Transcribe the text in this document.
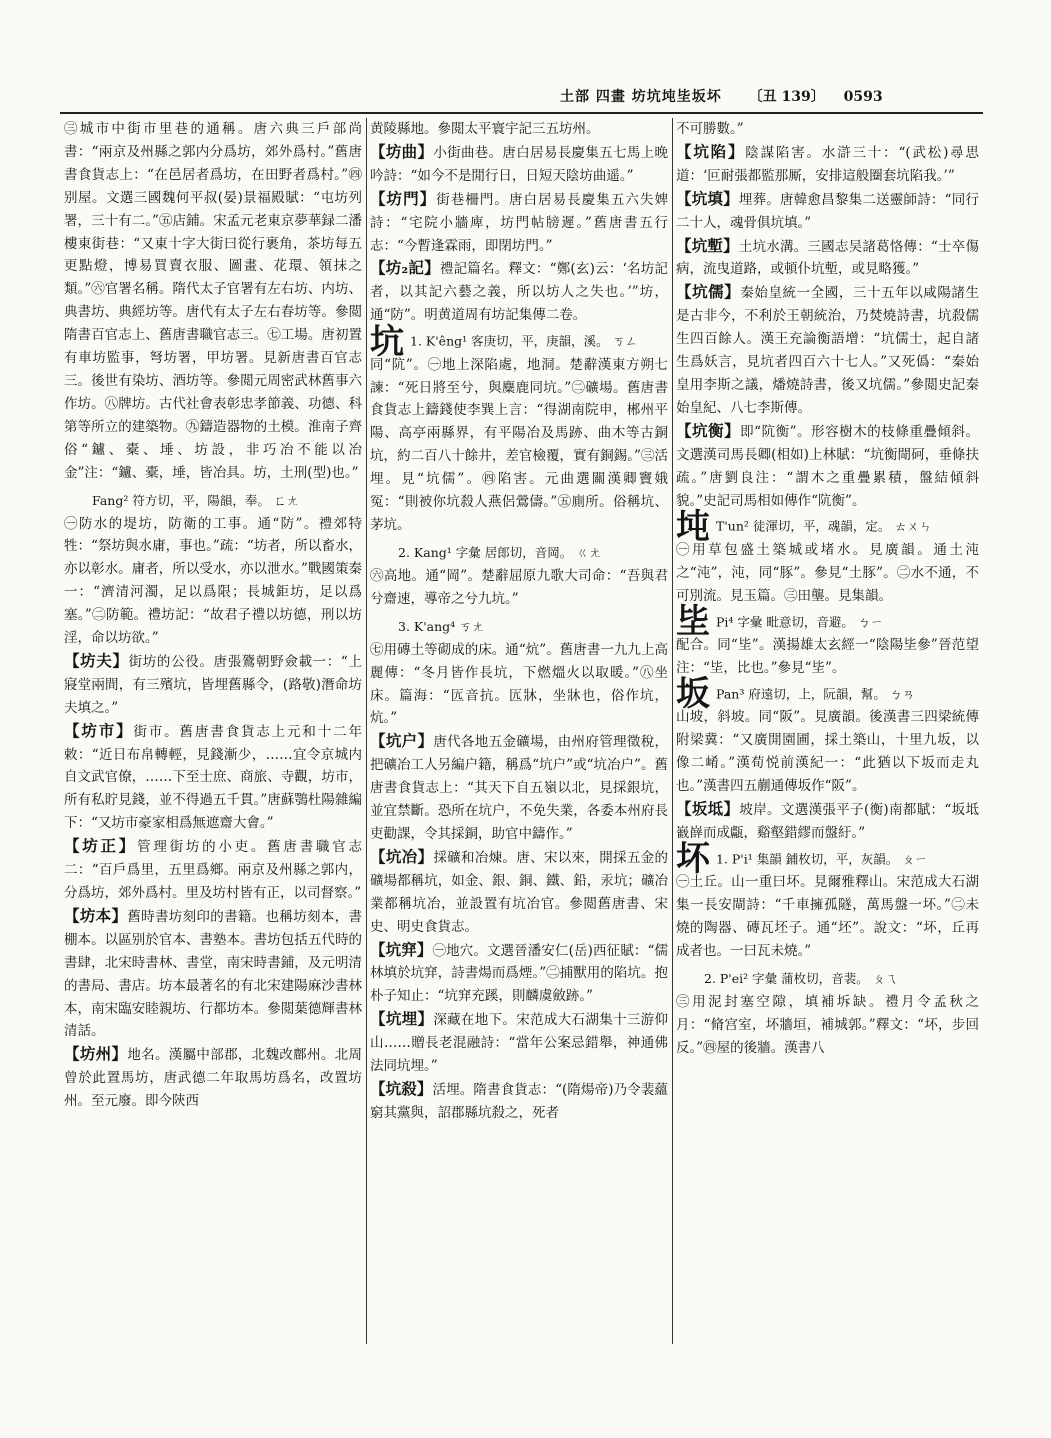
土部 四畫 坊坑坉坒坂坏 〔丑 139〕 0593

㊂城市中街市里巷的通稱。唐六典三戶部尚書：“兩京及州縣之郭内分爲坊，郊外爲村。”舊唐書食貨志上：“在邑居者爲坊，在田野者爲村。”㊃别屋。文選三國魏何平叔(晏)景福殿賦：“屯坊列署，三十有二。”㊄店鋪。宋孟元老東京夢華録二潘樓東街巷：“又東十字大街曰從行裹角，茶坊每五更點燈，博易買賣衣服、圖畫、花環、領抹之類。”㊅官署名稱。隋代太子官署有左右坊、内坊、典書坊、典經坊等。唐代有太子左右春坊等。參閲隋書百官志上、舊唐書職官志三。㊆工場。唐初置有車坊監事，弩坊署，甲坊署。見新唐書百官志三。後世有染坊、酒坊等。參閲元周密武林舊事六作坊。㊇牌坊。古代社會表彰忠孝節義、功德、科第等所立的建築物。㊈鑄造器物的土模。淮南子齊俗“鑪、橐、埵、坊設，非巧冶不能以冶金”注：“鑪、橐，埵，皆冶具。坊，土刑(型)也。”

Fang² 符方切，平，陽韻，奉。 ㄈㄤ

㊀防水的堤坊，防衛的工事。通“防”。禮郊特牲：“祭坊與水庸，事也。”疏：“坊者，所以畜水，亦以彰水。庸者，所以受水，亦以泄水。”戰國策秦一：“濟清河濁，足以爲限；長城鉅坊，足以爲塞。”㊁防範。禮坊記：“故君子禮以坊德，刑以坊淫，命以坊欲。”

【坊夫】街坊的公役。唐張鷟朝野僉載一：“上寢堂兩間，有三殯坑，皆埋舊縣令，(路敬)潛命坊夫填之。”

【坊市】街市。舊唐書食貨志上元和十二年敕：“近日布帛轉輕，見錢漸少，……宜令京城内自文武官僚，……下至士庶、商旅、寺觀，坊市，所有私貯見錢，並不得過五千貫。”唐蘇鶚杜陽雜編下：“又坊市豪家相爲無遮齋大會。”

【坊正】管理街坊的小吏。舊唐書職官志二：“百戶爲里，五里爲鄉。兩京及州縣之郭内，分爲坊，郊外爲村。里及坊村皆有正，以司督察。”

【坊本】舊時書坊刻印的書籍。也稱坊刻本，書棚本。以區别於官本、書塾本。書坊包括五代時的書肆，北宋時書林、書堂，南宋時書鋪，及元明清的書局、書店。坊本最著名的有北宋建陽麻沙書林本，南宋臨安睦親坊、行都坊本。參閲葉德輝書林清話。

【坊州】地名。漢屬中部郡，北魏改鄜州。北周曾於此置馬坊，唐武德二年取馬坊爲名，改置坊州。至元廢。即今陝西

黄陵縣地。參閲太平寰宇記三五坊州。

【坊曲】小街曲巷。唐白居易長慶集五七馬上晚吟詩：“如今不是閒行日，日短天陰坊曲遥。”

【坊門】街巷柵門。唐白居易長慶集五六失婢詩：“宅院小牆庳，坊門帖牓遲。”舊唐書五行志：“今暫逢霖雨，即閉坊門。”

【坊₂記】禮記篇名。釋文：“鄭(玄)云：‘名坊記者，以其記六藝之義，所以坊人之失也。’”坊，通“防”。明黄道周有坊記集傳二卷。

坑 1. K'êng¹ 客庚切，平，庚韻，溪。 ㄎㄥ

同“阬”。㊀地上深陷處，地洞。楚辭漢東方朔七諫：“死日將至兮，與麋鹿同坑。”㊁礦場。舊唐書食貨志上鑄錢使李巽上言：“得湖南院申，郴州平陽、高亭兩縣界，有平陽冶及馬跡、曲木等古銅坑，約二百八十餘井，差官檢覆，實有銅錫。”㊂活埋。見“坑儒”。㊃陷害。元曲選關漢卿竇娥冤：“則被你坑殺人燕侶鶯儔。”㊄廁所。俗稱坑、茅坑。

2. Kang¹ 字彙 居郎切，音岡。 ㄍㄤ

㊅高地。通“岡”。楚辭屈原九歌大司命：“吾與君兮齋速，導帝之兮九坑。”

3. K'ang⁴ ㄎㄤ

㊆用磚土等砌成的床。通“炕”。舊唐書一九九上高麗傳：“冬月皆作長坑，下燃熅火以取暖。”㊇坐床。篇海：“匟音抗。匟牀，坐牀也，俗作坑，炕。”

【坑户】唐代各地五金礦場，由州府管理徵稅，把礦冶工人另編户籍，稱爲“坑户”或“坑冶户”。舊唐書食貨志上：“其天下自五嶺以北，見採銀坑，並宜禁斷。恐所在坑户，不免失業，各委本州府長吏勸課，令其採銅，助官中鑄作。”

【坑冶】採礦和冶煉。唐、宋以來，開採五金的礦場都稱坑，如金、銀、銅、鐵、鉛，汞坑；礦冶業都稱坑冶，並設置有坑冶官。參閲舊唐書、宋史、明史食貨志。

【坑穽】㊀地穴。文選晉潘安仁(岳)西征賦：“儒林填於坑穽，詩書煬而爲煙。”㊁捕獸用的陷坑。抱朴子知止：“坑穽充蹊，則麟虞斂跡。”

【坑埋】深藏在地下。宋范成大石湖集十三游仰山……贈長老混融詩：“當年公案忌錯舉，神通佛法同坑埋。”

【坑殺】活埋。隋書食貨志：“(隋煬帝)乃令裴蘊窮其黨與，詔郡縣坑殺之，死者

不可勝數。”

【坑陷】陰謀陷害。水滸三十：“(武松)尋思道：‘叵耐張都監那厮，安排這般圈套坑陷我。’”

【坑填】埋葬。唐韓愈昌黎集二送靈師詩：“同行二十人，魂骨俱坑填。”

【坑塹】土坑水溝。三國志吴諸葛恪傳：“士卒傷病，流曳道路，或頓仆坑塹，或見略獲。”

【坑儒】秦始皇統一全國，三十五年以咸陽諸生是古非今，不利於王朝統治，乃焚燒詩書，坑殺儒生四百餘人。漢王充論衡語增：“坑儒士，起自諸生爲妖言，見坑者四百六十七人。”又死僞：“秦始皇用李斯之議，燔燒詩書，後又坑儒。”參閲史記秦始皇紀、八七李斯傳。

【坑衡】即“阬衡”。形容樹木的枝條重疊傾斜。文選漢司馬長卿(相如)上林賦：“坑衡閜砢，垂條扶疏。”唐劉良注：“謂木之重疊累積，盤結傾斜貌。”史記司馬相如傳作“阬衡”。

坉 T'un² 徒渾切，平，魂韻，定。 ㄊㄨㄣ

㊀用草包盛土築城或堵水。見廣韻。通土沌之“沌”，沌，同“豚”。參見“土豚”。㊁水不通，不可別流。見玉篇。㊂田壟。見集韻。

坒 Pi⁴ 字彙 毗意切，音避。 ㄅㄧ

配合。同“坒”。漢揚雄太玄經一“陰陽坒參”晉范望注：“坒，比也。”參見“坒”。

坂 Pan³ 府遠切，上，阮韻，幫。 ㄅㄢ

山坡，斜坡。同“阪”。見廣韻。後漢書三四梁統傳附梁冀：“又廣開園圃，採土築山，十里九坂，以像二崤。”漢荀悦前漢紀一：“此猶以下坂而走丸也。”漢書四五蒯通傳坂作“阪”。

【坂坻】坡岸。文選漢張平子(衡)南都賦：“坂坻巀嶭而成甗，谿壑錯繆而盤紆。”

坏 1. P'i¹ 集韻 鋪枚切，平，灰韻。 ㄆㄧ

㊀土丘。山一重曰坏。見爾雅釋山。宋范成大石湖集一長安閘詩：“千車擁孤隧，萬馬盤一坏。”㊁未燒的陶器、磚瓦坯子。通“坯”。說文：“坏，丘再成者也。一曰瓦未燒。”

2. P'ei² 字彙 蒲枚切，音裴。 ㄆㄟ

㊂用泥封塞空隙，填補坼缺。禮月令孟秋之月：“脩宫室，坏牆垣，補城郭。”釋文：“坏，步回反。”㊃屋的後牆。漢書八
